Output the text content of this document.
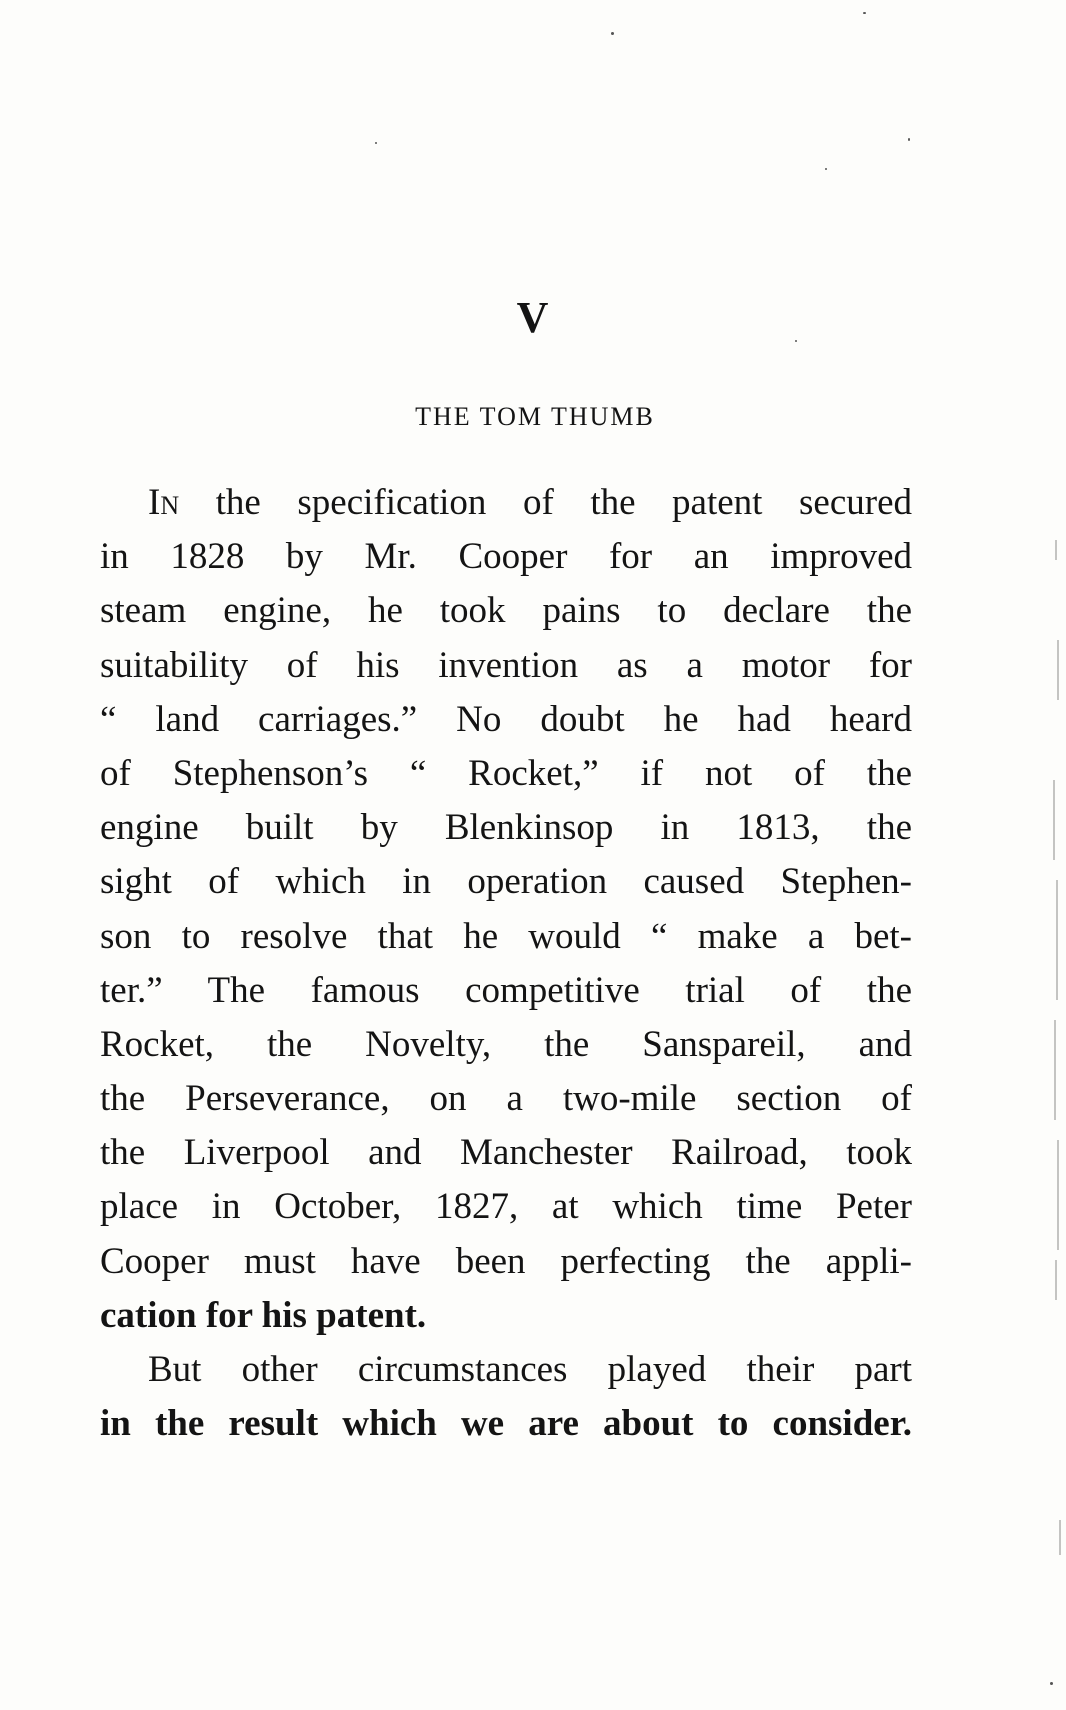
V
THE TOM THUMB
In the specification of the patent secured
in 1828 by Mr. Cooper for an improved
steam engine, he took pains to declare the
suitability of his invention as a motor for
“ land carriages.” No doubt he had heard
of Stephenson’s “ Rocket,” if not of the
engine built by Blenkinsop in 1813, the
sight of which in operation caused Stephen-
son to resolve that he would “ make a bet-
ter.” The famous competitive trial of the
Rocket, the Novelty, the Sanspareil, and
the Perseverance, on a two-mile section of
the Liverpool and Manchester Railroad, took
place in October, 1827, at which time Peter
Cooper must have been perfecting the appli-
cation for his patent.
But other circumstances played their part
in the result which we are about to consider.
